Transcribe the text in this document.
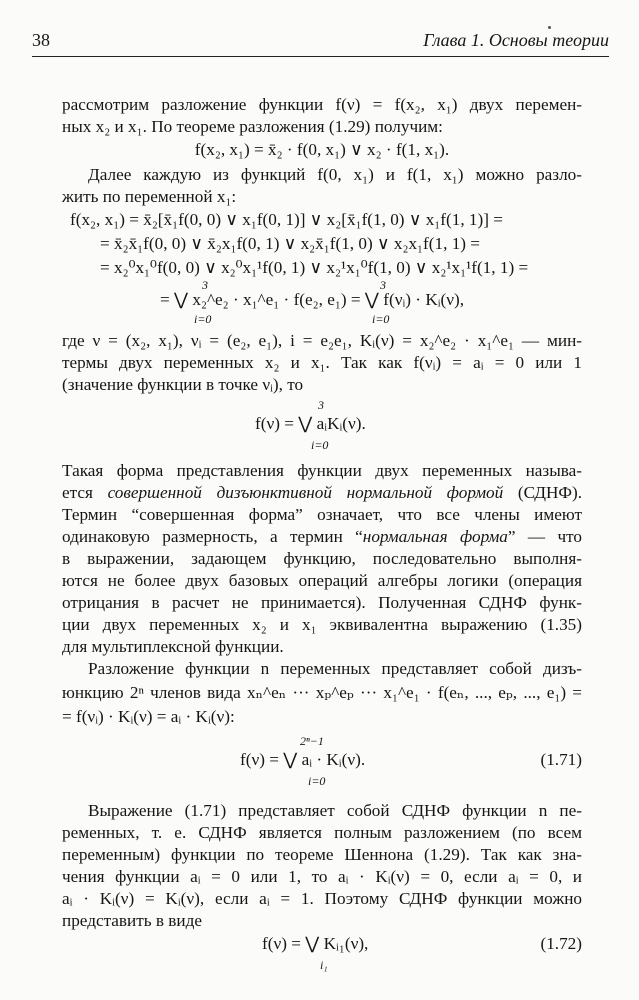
38	Глава 1. Основы теории
рассмотрим разложение функции f(ν) = f(x₂, x₁) двух перемен-
ных x₂ и x₁. По теореме разложения (1.29) получим:
f(x₂, x₁) = x̄₂ · f(0, x₁) ∨ x₂ · f(1, x₁).
Далее каждую из функций f(0, x₁) и f(1, x₁) можно разло-
жить по переменной x₁:
f(x₂, x₁) = x̄₂[x̄₁f(0, 0) ∨ x₁f(0, 1)] ∨ x₂[x̄₁f(1, 0) ∨ x₁f(1, 1)] =
= x̄₂x̄₁f(0, 0) ∨ x̄₂x₁f(0, 1) ∨ x₂x̄₁f(1, 0) ∨ x₂x₁f(1, 1) =
= x₂⁰x₁⁰f(0, 0) ∨ x₂⁰x₁¹f(0, 1) ∨ x₂¹x₁⁰f(1, 0) ∨ x₂¹x₁¹f(1, 1) =
3	3
= ⋁ x₂^e₂ · x₁^e₁ · f(e₂, e₁) = ⋁ f(νᵢ) · Kᵢ(ν),
i=0	i=0
где ν = (x₂, x₁), νᵢ = (e₂, e₁), i = e₂e₁, Kᵢ(ν) = x₂^e₂ · x₁^e₁ — мин-
термы двух переменных x₂ и x₁. Так как f(νᵢ) = aᵢ = 0 или 1
(значение функции в точке νᵢ), то
3
f(ν) = ⋁ aᵢKᵢ(ν).
i=0
Такая форма представления функции двух переменных называ-
ется совершенной дизъюнктивной нормальной формой (СДНФ).
Термин “совершенная форма” означает, что все члены имеют
одинаковую размерность, а термин “нормальная форма” — что
в выражении, задающем функцию, последовательно выполня-
ются не более двух базовых операций алгебры логики (операция
отрицания в расчет не принимается). Полученная СДНФ функ-
ции двух переменных x₂ и x₁ эквивалентна выражению (1.35)
для мультиплексной функции.
Разложение функции n переменных представляет собой дизъ-
юнкцию 2ⁿ членов вида xₙ^eₙ ··· xₚ^eₚ ··· x₁^e₁ · f(eₙ, ..., eₚ, ..., e₁) =
= f(νᵢ) · Kᵢ(ν) = aᵢ · Kᵢ(ν):
2ⁿ−1
f(ν) = ⋁ aᵢ · Kᵢ(ν).	(1.71)
i=0
Выражение (1.71) представляет собой СДНФ функции n пе-
ременных, т. е. СДНФ является полным разложением (по всем
переменным) функции по теореме Шеннона (1.29). Так как зна-
чения функции aᵢ = 0 или 1, то aᵢ · Kᵢ(ν) = 0, если aᵢ = 0, и
aᵢ · Kᵢ(ν) = Kᵢ(ν), если aᵢ = 1. Поэтому СДНФ функции можно
представить в виде
f(ν) = ⋁ Kᵢ₁(ν),	(1.72)
i₁
